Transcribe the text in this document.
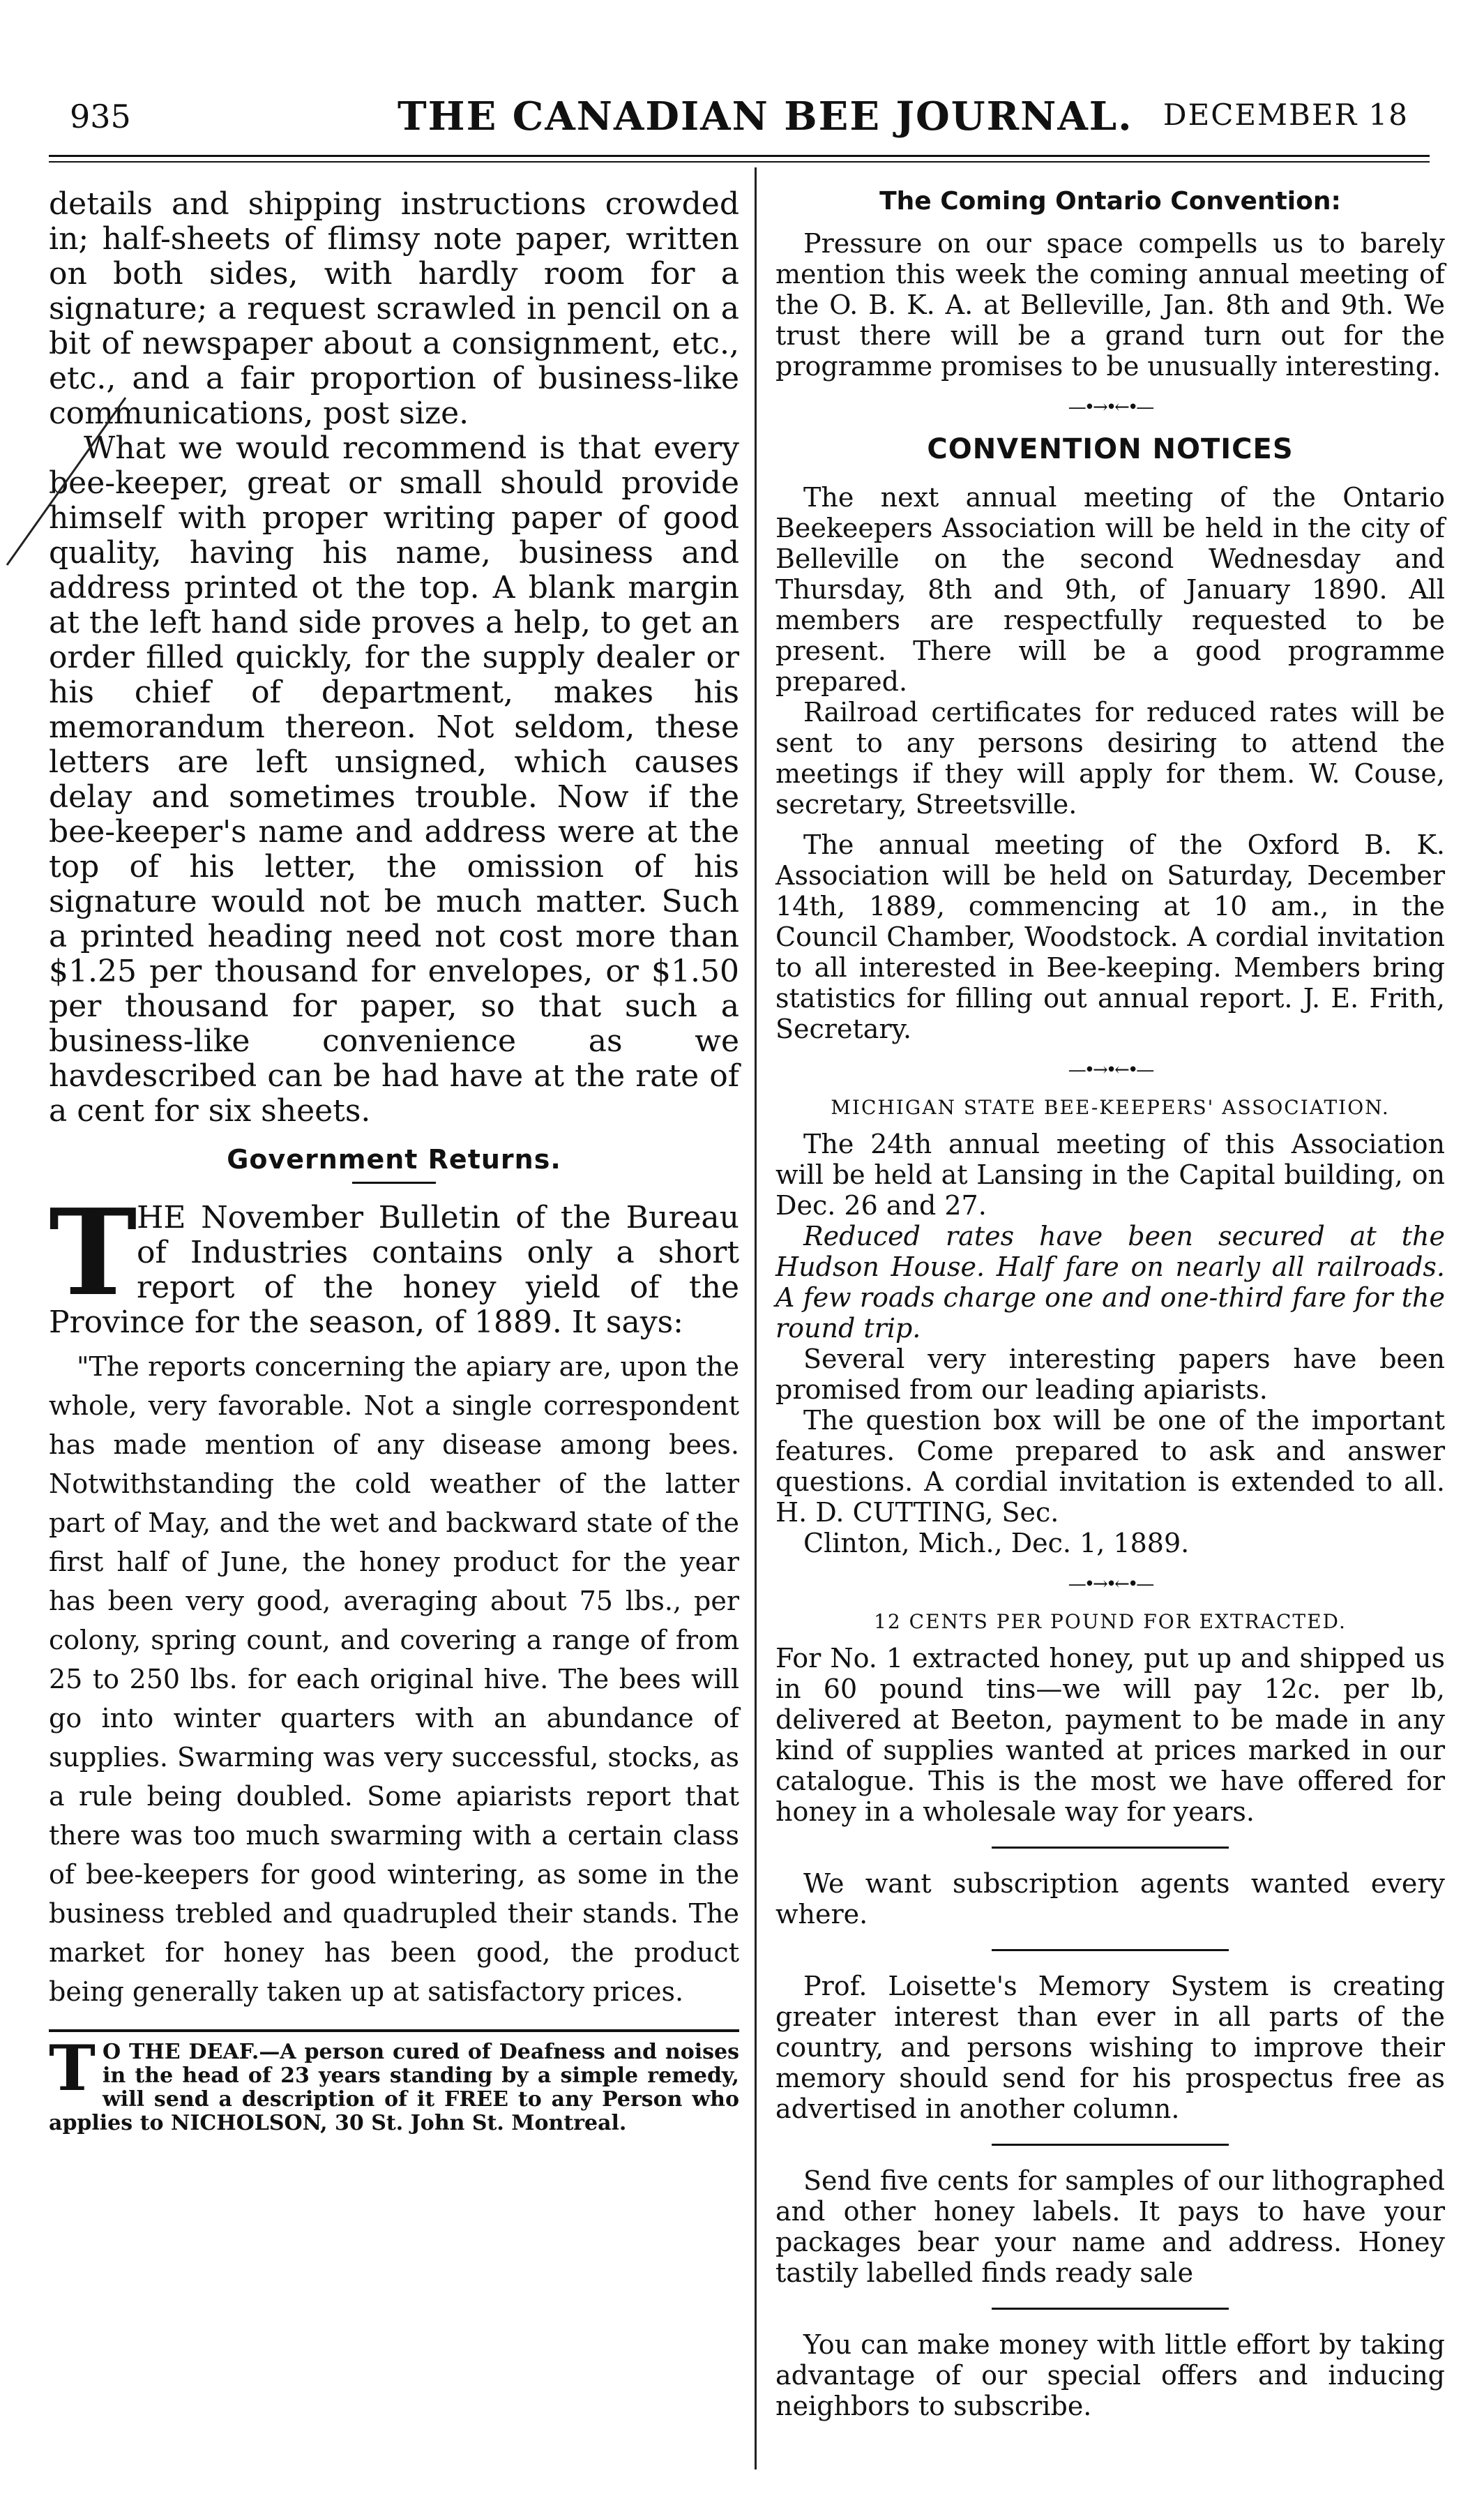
935	THE CANADIAN BEE JOURNAL. DECEMBER 18

details and shipping instructions crowded in; half-sheets of flimsy note paper, written on both sides, with hardly room for a signature; a request scrawled in pencil on a bit of newspaper about a consignment, etc., etc., and a fair proportion of business-like communications, post size.

What we would recommend is that every bee-keeper, great or small should provide himself with proper writing paper of good quality, having his name, business and address printed ot the top. A blank margin at the left hand side proves a help, to get an order filled quickly, for the supply dealer or his chief of department, makes his memorandum thereon. Not seldom, these letters are left unsigned, which causes delay and sometimes trouble. Now if the bee-keeper's name and address were at the top of his letter, the omission of his signature would not be much matter. Such a printed heading need not cost more than $1.25 per thousand for envelopes, or $1.50 per thousand for paper, so that such a business-like convenience as we havdescribed can be had have at the rate of a cent for six sheets.

Government Returns.
T HE November Bulletin of the Bureau of Industries contains only a short report of the honey yield of the Province for the season, of 1889. It says:

"The reports concerning the apiary are, upon the whole, very favorable. Not a single correspondent has made mention of any disease among bees. Notwithstanding the cold weather of the latter part of May, and the wet and backward state of the first half of June, the honey product for the year has been very good, averaging about 75 lbs., per colony, spring count, and covering a range of from 25 to 250 lbs. for each original hive. The bees will go into winter quarters with an abundance of supplies. Swarming was very successful, stocks, as a rule being doubled. Some apiarists report that there was too much swarming with a certain class of bee-keepers for good wintering, as some in the business trebled and quadrupled their stands. The market for honey has been good, the product being generally taken up at satisfactory prices.

T O THE DEAF.—A person cured of Deafness and noises in the head of 23 years standing by a simple remedy, will send a description of it FREE to any Person who applies to NICHOLSON, 30 St. John St. Montreal.

The Coming Ontario Convention:

Pressure on our space compells us to barely mention this week the coming annual meeting of the O. B. K. A. at Belleville, Jan. 8th and 9th. We trust there will be a grand turn out for the programme promises to be unusually interesting.

—•→•←•—
CONVENTION NOTICES

The next annual meeting of the Ontario Beekeepers Association will be held in the city of Belleville on the second Wednesday and Thursday, 8th and 9th, of January 1890. All members are respectfully requested to be present. There will be a good programme prepared.

Railroad certificates for reduced rates will be sent to any persons desiring to attend the meetings if they will apply for them. W. Couse, secretary, Streetsville.

The annual meeting of the Oxford B. K. Association will be held on Saturday, December 14th, 1889, commencing at 10 am., in the Council Chamber, Woodstock. A cordial invitation to all interested in Bee-keeping. Members bring statistics for filling out annual report. J. E. Frith, Secretary.

—•→•←•—
MICHIGAN STATE BEE-KEEPERS' ASSOCIATION.

The 24th annual meeting of this Association will be held at Lansing in the Capital building, on Dec. 26 and 27.

Reduced rates have been secured at the Hudson House. Half fare on nearly all railroads. A few roads charge one and one-third fare for the round trip.

Several very interesting papers have been promised from our leading apiarists.

The question box will be one of the important features. Come prepared to ask and answer questions. A cordial invitation is extended to all. H. D. CUTTING, Sec.

Clinton, Mich., Dec. 1, 1889.

—•→•←•—
12 CENTS PER POUND FOR EXTRACTED.

For No. 1 extracted honey, put up and shipped us in 60 pound tins—we will pay 12c. per lb, delivered at Beeton, payment to be made in any kind of supplies wanted at prices marked in our catalogue. This is the most we have offered for honey in a wholesale way for years.

We want subscription agents wanted every where.

Prof. Loisette's Memory System is creating greater interest than ever in all parts of the country, and persons wishing to improve their memory should send for his prospectus free as advertised in another column.

Send five cents for samples of our lithographed and other honey labels. It pays to have your packages bear your name and address. Honey tastily labelled finds ready sale

You can make money with little effort by taking advantage of our special offers and inducing neighbors to subscribe.
